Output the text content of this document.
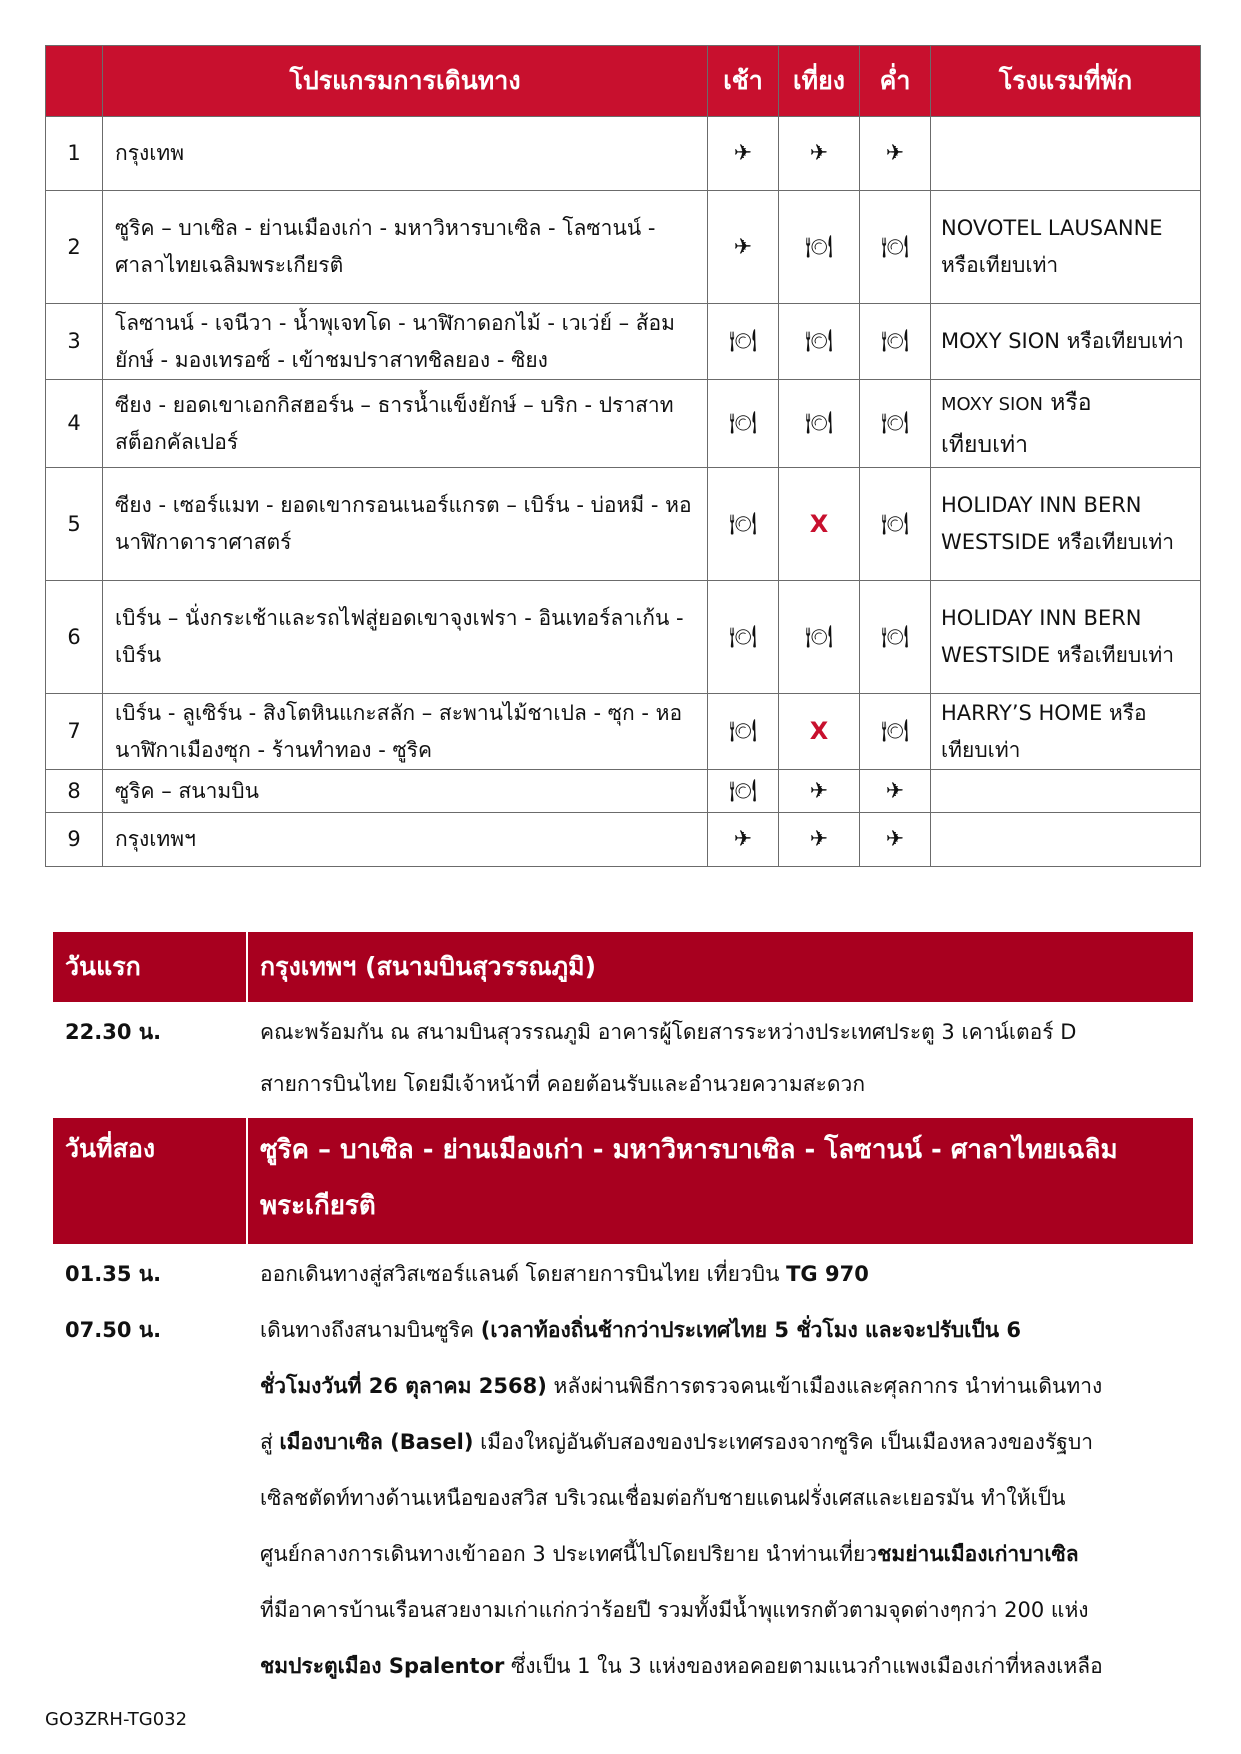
	โปรแกรมการเดินทาง	เช้า	เที่ยง	ค่ำ	โรงแรมที่พัก
1	กรุงเทพ	✈	✈	✈	
2	ซูริค – บาเซิล - ย่านเมืองเก่า - มหาวิหารบาเซิล - โลซานน์ - ศาลาไทยเฉลิมพระเกียรติ	✈	🍽	🍽	NOVOTEL LAUSANNE หรือเทียบเท่า
3	โลซานน์ - เจนีวา - น้ำพุเจทโด - นาฬิกาดอกไม้ - เวเว่ย์ – ส้อมยักษ์ - มองเทรอซ์ - เข้าชมปราสาทชิลยอง - ซิยง	🍽	🍽	🍽	MOXY SION หรือเทียบเท่า
4	ซียง - ยอดเขาเอกกิสฮอร์น – ธารน้ำแข็งยักษ์ – บริก - ปราสาทสต็อกคัลเปอร์	🍽	🍽	🍽	MOXY SION หรือ
เทียบเท่า
5	ซียง - เซอร์แมท - ยอดเขากรอนเนอร์แกรต – เบิร์น - บ่อหมี - หอนาฬิกาดาราศาสตร์	🍽	X	🍽	HOLIDAY INN BERN WESTSIDE หรือเทียบเท่า
6	เบิร์น – นั่งกระเช้าและรถไฟสู่ยอดเขาจุงเฟรา - อินเทอร์ลาเก้น - เบิร์น	🍽	🍽	🍽	HOLIDAY INN BERN WESTSIDE หรือเทียบเท่า
7	เบิร์น - ลูเซิร์น - สิงโตหินแกะสลัก – สะพานไม้ชาเปล - ซุก - หอนาฬิกาเมืองซุก - ร้านทำทอง - ซูริค	🍽	X	🍽	HARRY’S HOME หรือเทียบเท่า
8	ซูริค – สนามบิน	🍽	✈	✈	
9	กรุงเทพฯ	✈	✈	✈	
วันแรก	กรุงเทพฯ (สนามบินสุวรรณภูมิ)
22.30 น.	คณะพร้อมกัน ณ สนามบินสุวรรณภูมิ อาคารผู้โดยสารระหว่างประเทศประตู 3 เคาน์เตอร์ D
สายการบินไทย โดยมีเจ้าหน้าที่ คอยต้อนรับและอำนวยความสะดวก
วันที่สอง	ซูริค – บาเซิล - ย่านเมืองเก่า - มหาวิหารบาเซิล - โลซานน์ - ศาลาไทยเฉลิม
พระเกียรติ
01.35 น.	ออกเดินทางสู่สวิสเซอร์แลนด์ โดยสายการบินไทย เที่ยวบิน TG 970
07.50 น.	เดินทางถึงสนามบินซูริค (เวลาท้องถิ่นช้ากว่าประเทศไทย 5 ชั่วโมง และจะปรับเป็น 6
ชั่วโมงวันที่ 26 ตุลาคม 2568) หลังผ่านพิธีการตรวจคนเข้าเมืองและศุลกากร นำท่านเดินทาง
สู่ เมืองบาเซิล (Basel) เมืองใหญ่อันดับสองของประเทศรองจากซูริค เป็นเมืองหลวงของรัฐบา
เซิลชตัดท์ทางด้านเหนือของสวิส บริเวณเชื่อมต่อกับชายแดนฝรั่งเศสและเยอรมัน ทำให้เป็น
ศูนย์กลางการเดินทางเข้าออก 3 ประเทศนี้ไปโดยปริยาย นำท่านเที่ยวชมย่านเมืองเก่าบาเซิล
ที่มีอาคารบ้านเรือนสวยงามเก่าแก่กว่าร้อยปี รวมทั้งมีน้ำพุแทรกตัวตามจุดต่างๆกว่า 200 แห่ง
ชมประตูเมือง Spalentor ซึ่งเป็น 1 ใน 3 แห่งของหอคอยตามแนวกำแพงเมืองเก่าที่หลงเหลือ
GO3ZRH-TG032
